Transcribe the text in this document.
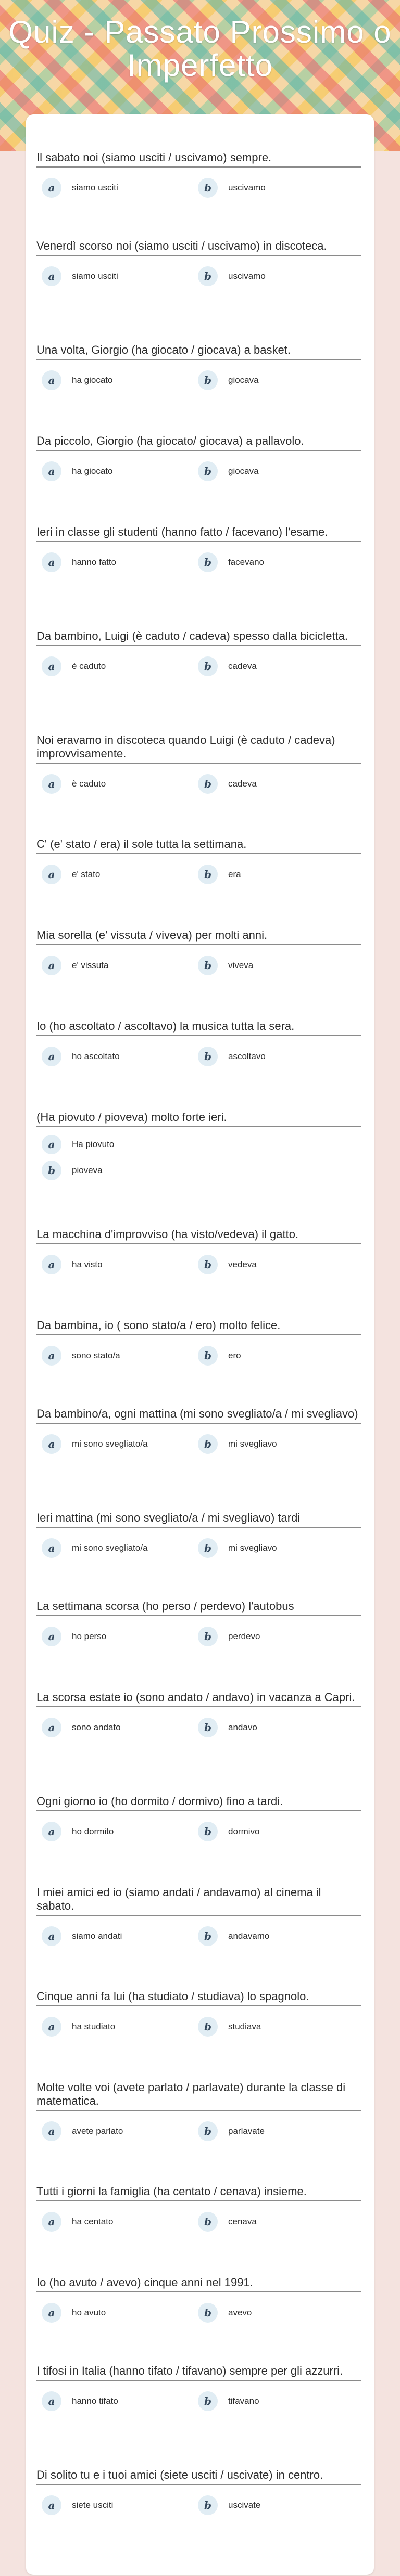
Quiz - Passato Prossimo o Imperfetto
Il sabato noi (siamo usciti / uscivamo) sempre.
a	siamo usciti	b	uscivamo
Venerdì scorso noi (siamo usciti / uscivamo) in discoteca.
a	siamo usciti	b	uscivamo
Una volta, Giorgio (ha giocato / giocava) a basket.
a	ha giocato	b	giocava
Da piccolo, Giorgio (ha giocato/ giocava) a pallavolo.
a	ha giocato	b	giocava
Ieri in classe gli studenti (hanno fatto / facevano) l'esame.
a	hanno fatto	b	facevano
Da bambino, Luigi (è caduto / cadeva) spesso dalla bicicletta.
a	è caduto	b	cadeva
Noi eravamo in discoteca quando Luigi (è caduto / cadeva) improvvisamente.
a	è caduto	b	cadeva
C' (e' stato / era) il sole tutta la settimana.
a	e' stato	b	era
Mia sorella (e' vissuta / viveva) per molti anni.
a	e' vissuta	b	viveva
Io (ho ascoltato / ascoltavo) la musica tutta la sera.
a	ho ascoltato	b	ascoltavo
(Ha piovuto / pioveva) molto forte ieri.
a	Ha piovuto
b	pioveva
La macchina d'improvviso (ha visto/vedeva) il gatto.
a	ha visto	b	vedeva
Da bambina, io ( sono stato/a / ero) molto felice.
a	sono stato/a	b	ero
Da bambino/a, ogni mattina (mi sono svegliato/a / mi svegliavo)
a	mi sono svegliato/a	b	mi svegliavo
Ieri mattina (mi sono svegliato/a / mi svegliavo) tardi
a	mi sono svegliato/a	b	mi svegliavo
La settimana scorsa (ho perso / perdevo) l'autobus
a	ho perso	b	perdevo
La scorsa estate io (sono andato / andavo) in vacanza a Capri.
a	sono andato	b	andavo
Ogni giorno io (ho dormito / dormivo) fino a tardi.
a	ho dormito	b	dormivo
I miei amici ed io (siamo andati / andavamo) al cinema il sabato.
a	siamo andati	b	andavamo
Cinque anni fa lui (ha studiato / studiava) lo spagnolo.
a	ha studiato	b	studiava
Molte volte voi (avete parlato / parlavate) durante la classe di matematica.
a	avete parlato	b	parlavate
Tutti i giorni la famiglia (ha centato / cenava) insieme.
a	ha centato	b	cenava
Io (ho avuto / avevo) cinque anni nel 1991.
a	ho avuto	b	avevo
I tifosi in Italia (hanno tifato / tifavano) sempre per gli azzurri.
a	hanno tifato	b	tifavano
Di solito tu e i tuoi amici (siete usciti / uscivate) in centro.
a	siete usciti	b	uscivate
